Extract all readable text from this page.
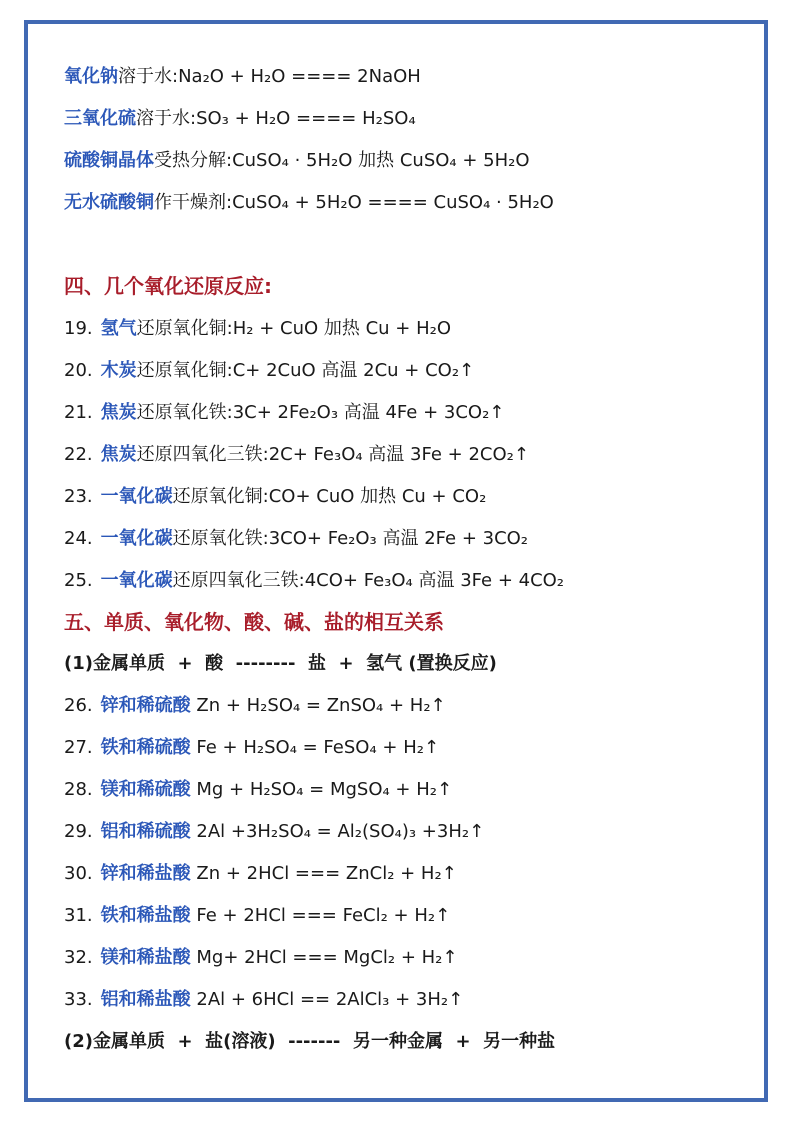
氧化钠溶于水:Na₂O + H₂O ==== 2NaOH
三氧化硫溶于水:SO₃ + H₂O ==== H₂SO₄
硫酸铜晶体受热分解:CuSO₄ · 5H₂O 加热 CuSO₄ + 5H₂O
无水硫酸铜作干燥剂:CuSO₄ + 5H₂O ==== CuSO₄ · 5H₂O
四、几个氧化还原反应:
19. 氢气还原氧化铜:H₂ + CuO 加热 Cu + H₂O
20. 木炭还原氧化铜:C+ 2CuO 高温 2Cu + CO₂↑
21. 焦炭还原氧化铁:3C+ 2Fe₂O₃ 高温 4Fe + 3CO₂↑
22. 焦炭还原四氧化三铁:2C+ Fe₃O₄ 高温 3Fe + 2CO₂↑
23. 一氧化碳还原氧化铜:CO+ CuO 加热 Cu + CO₂
24. 一氧化碳还原氧化铁:3CO+ Fe₂O₃ 高温 2Fe + 3CO₂
25. 一氧化碳还原四氧化三铁:4CO+ Fe₃O₄ 高温 3Fe + 4CO₂
五、单质、氧化物、酸、碱、盐的相互关系
(1)金属单质  +  酸  --------  盐  +  氢气 (置换反应)
26. 锌和稀硫酸 Zn + H₂SO₄ = ZnSO₄ + H₂↑
27. 铁和稀硫酸 Fe + H₂SO₄ = FeSO₄ + H₂↑
28. 镁和稀硫酸 Mg + H₂SO₄ = MgSO₄ + H₂↑
29. 铝和稀硫酸 2Al +3H₂SO₄ = Al₂(SO₄)₃ +3H₂↑
30. 锌和稀盐酸 Zn + 2HCl === ZnCl₂ + H₂↑
31. 铁和稀盐酸 Fe + 2HCl === FeCl₂ + H₂↑
32. 镁和稀盐酸 Mg+ 2HCl === MgCl₂ + H₂↑
33. 铝和稀盐酸 2Al + 6HCl == 2AlCl₃ + 3H₂↑
(2)金属单质  +  盐(溶液)  -------  另一种金属  +  另一种盐
